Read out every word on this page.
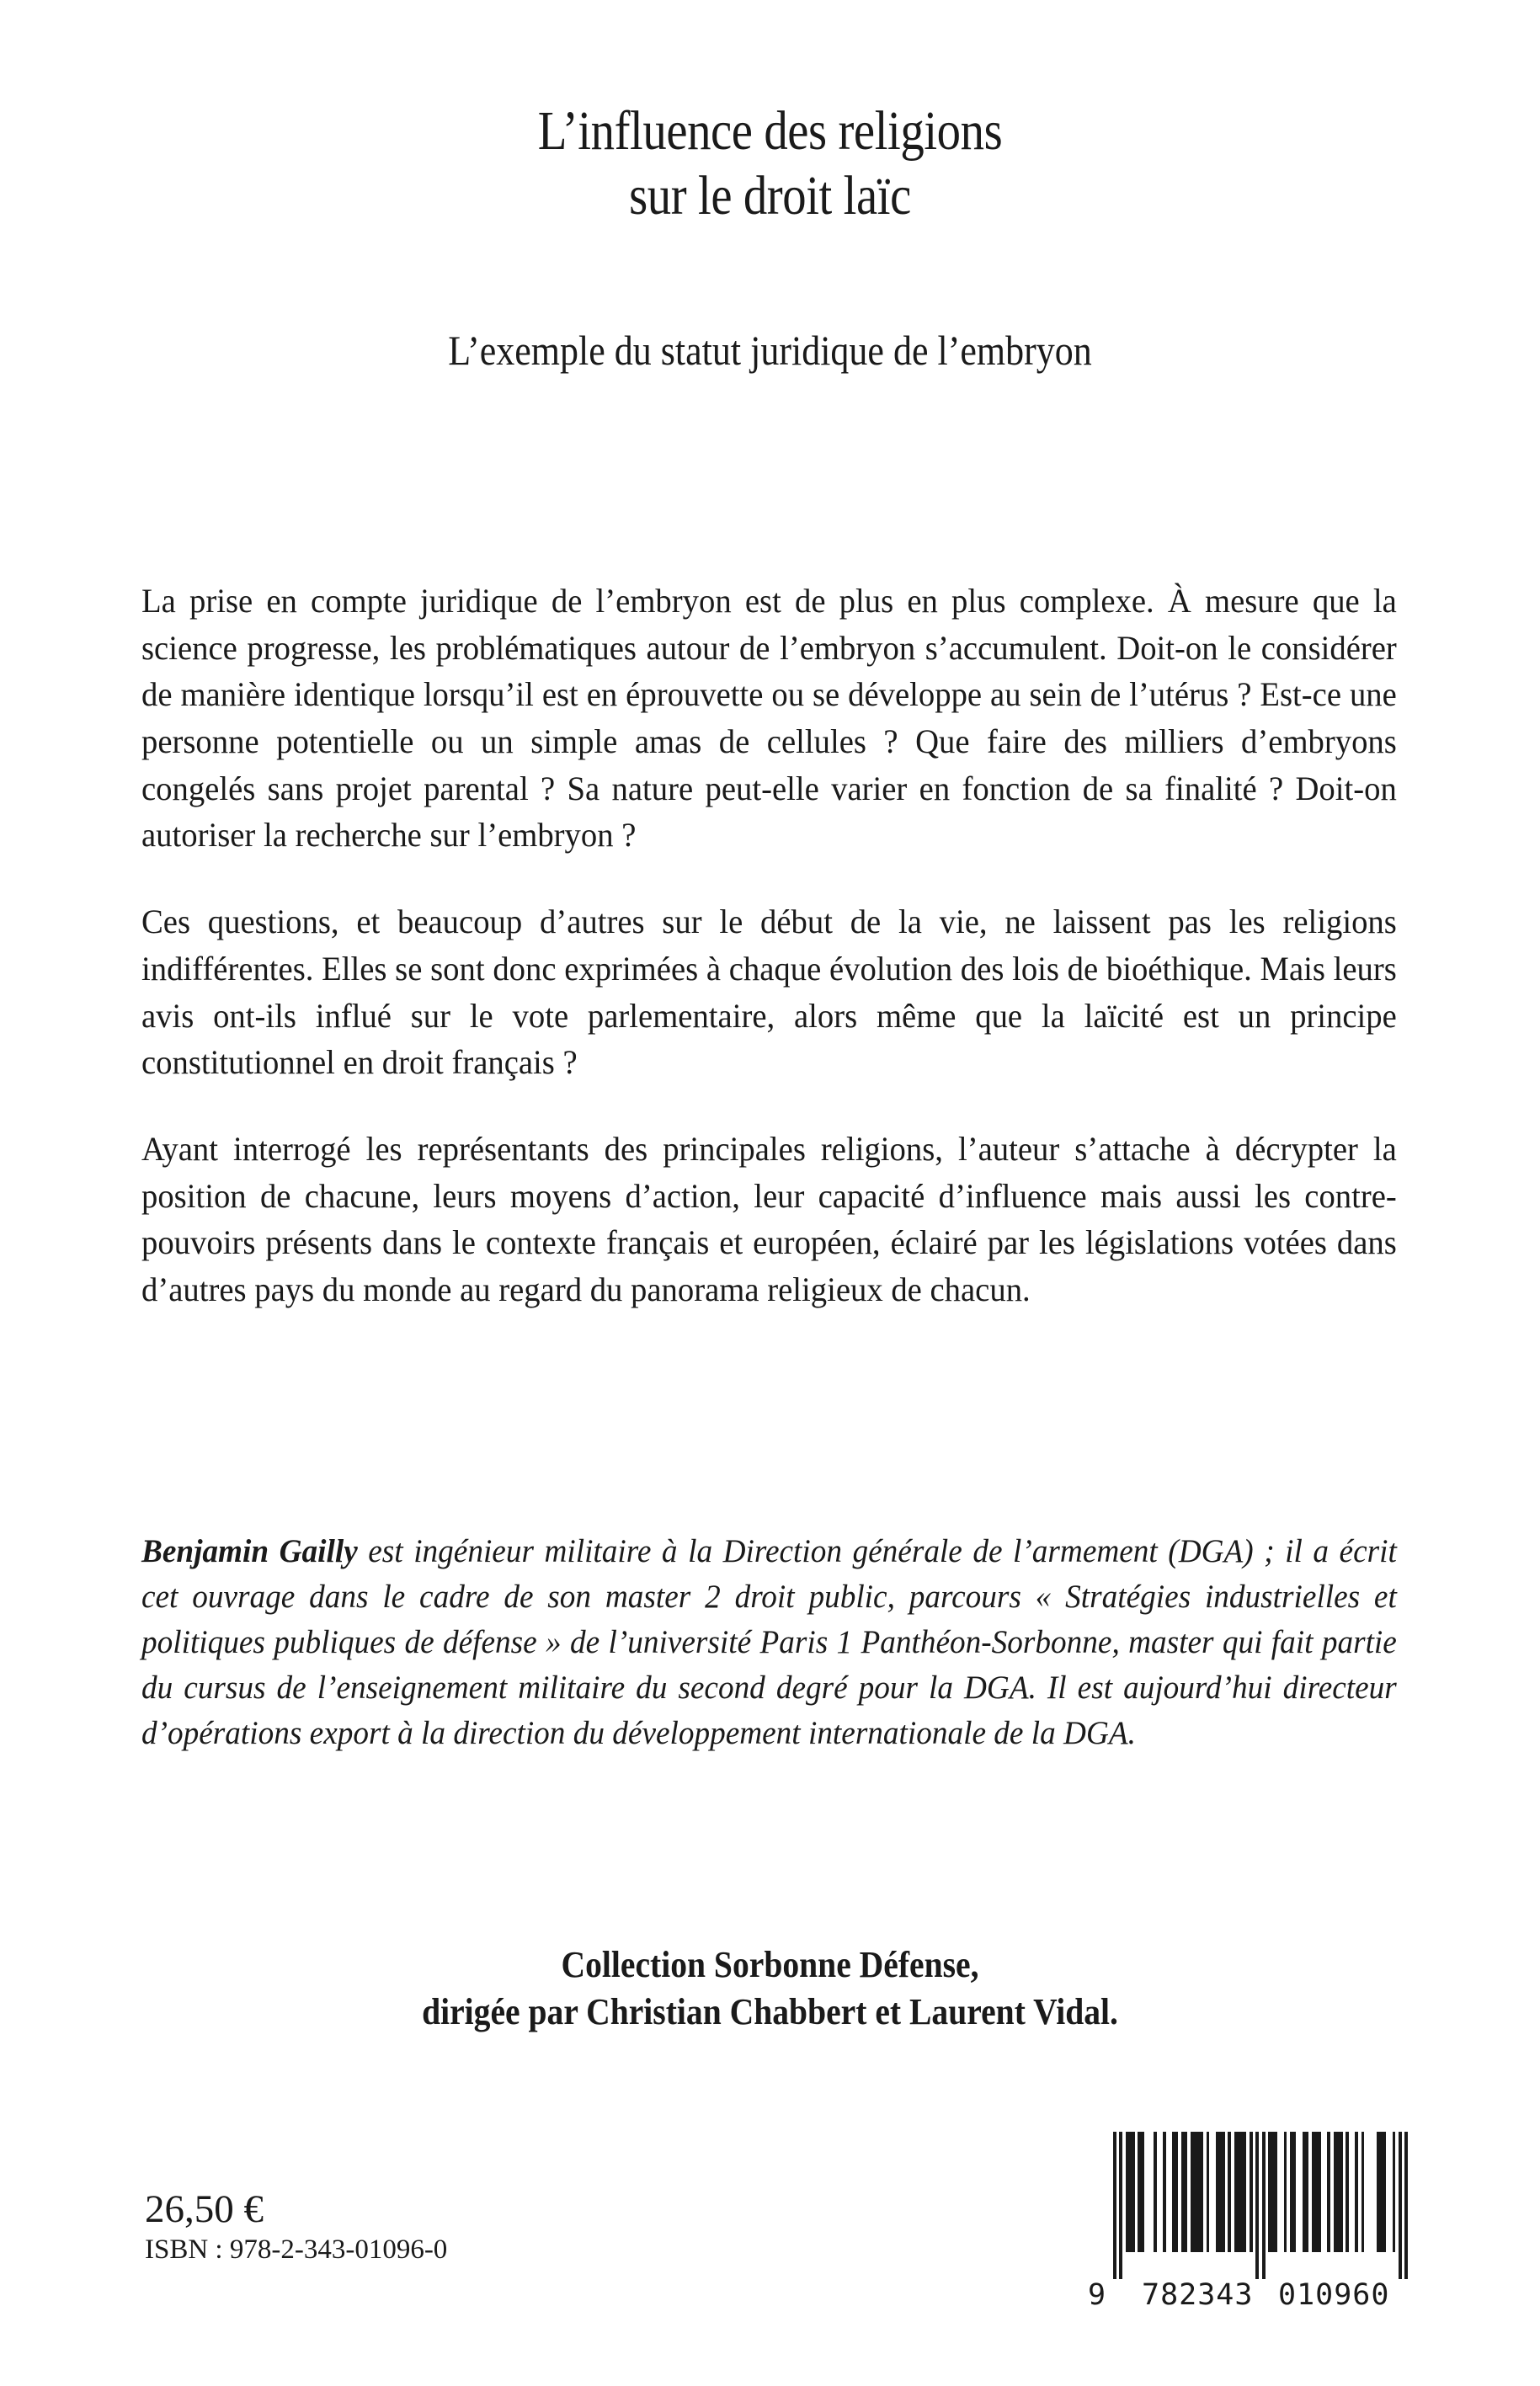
L’influence des religions
sur le droit laïc
L’exemple du statut juridique de l’embryon

La prise en compte juridique de l’embryon est de plus en plus complexe. À mesure que la science progresse, les problématiques autour de l’embryon s’accumulent. Doit-on le considérer de manière identique lorsqu’il est en éprouvette ou se développe au sein de l’utérus ? Est-ce une personne potentielle ou un simple amas de cellules ? Que faire des milliers d’embryons congelés sans projet parental ? Sa nature peut-elle varier en fonction de sa finalité ? Doit-on autoriser la recherche sur l’embryon ?

Ces questions, et beaucoup d’autres sur le début de la vie, ne laissent pas les religions indifférentes. Elles se sont donc exprimées à chaque évolution des lois de bioéthique. Mais leurs avis ont-ils influé sur le vote parlementaire, alors même que la laïcité est un principe constitutionnel en droit français ?

Ayant interrogé les représentants des principales religions, l’auteur s’attache à décrypter la position de chacune, leurs moyens d’action, leur capacité d’influence mais aussi les contre-pouvoirs présents dans le contexte français et européen, éclairé par les législations votées dans d’autres pays du monde au regard du panorama religieux de chacun.

Benjamin Gailly est ingénieur militaire à la Direction générale de l’armement (DGA) ; il a écrit cet ouvrage dans le cadre de son master 2 droit public, parcours « Stratégies industrielles et politiques publiques de défense » de l’université Paris 1 Panthéon-Sorbonne, master qui fait partie du cursus de l’enseignement militaire du second degré pour la DGA. Il est aujourd’hui directeur d’opérations export à la direction du développement internationale de la DGA.

Collection Sorbonne Défense,
dirigée par Christian Chabbert et Laurent Vidal.

26,50 €

ISBN : 978-2-343-01096-0

9 782343 010960
